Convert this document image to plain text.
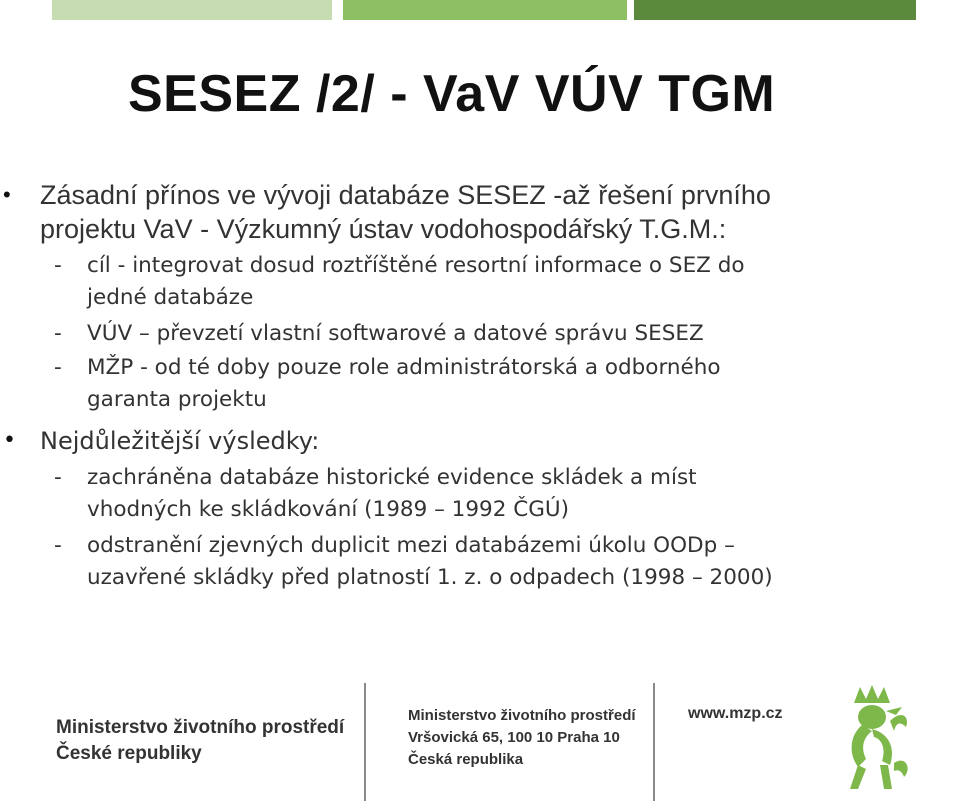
SESEZ /2/ - VaV VÚV TGM
• Zásadní přínos ve vývoji databáze SESEZ -až řešení prvního
projektu VaV - Výzkumný ústav vodohospodářský T.G.M.:
- cíl - integrovat dosud roztříštěné resortní informace o SEZ do
jedné databáze
- VÚV – převzetí vlastní softwarové a datové správu SESEZ
- MŽP - od té doby pouze role administrátorská a odborného
garanta projektu
• Nejdůležitější výsledky:
- zachráněna databáze historické evidence skládek a míst
vhodných ke skládkování (1989 – 1992 ČGÚ)
- odstranění zjevných duplicit mezi databázemi úkolu OODp –
uzavřené skládky před platností 1. z. o odpadech (1998 – 2000)
Ministerstvo životního prostředí
České republiky
Ministerstvo životního prostředí
Vršovická 65, 100 10 Praha 10
Česká republika
www.mzp.cz
